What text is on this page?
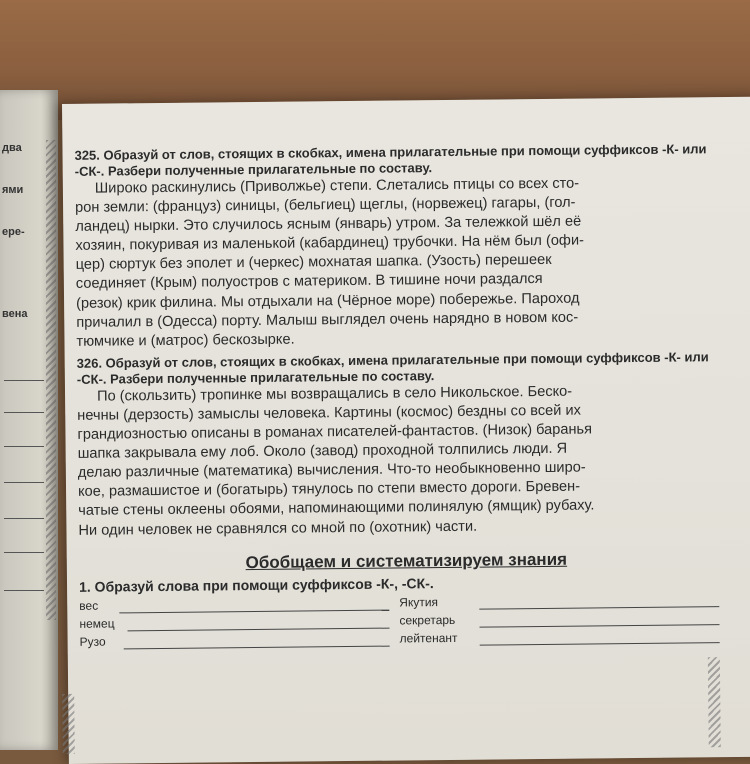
два
ями
ере-
вена

325. Образуй от слов, стоящих в скобках, имена прилагательные при помощи суффиксов -К- или -СК-. Разбери полученные прилагательные по составу.

Широко раскинулись (Приволжье) степи. Слетались птицы со всех сто-
рон земли: (француз) синицы, (бельгиец) щеглы, (норвежец) гагары, (гол-
ландец) нырки. Это случилось ясным (январь) утром. За тележкой шёл её
хозяин, покуривая из маленькой (кабардинец) трубочки. На нём был (офи-
цер) сюртук без эполет и (черкес) мохнатая шапка. (Узость) перешеек
соединяет (Крым) полуостров с материком. В тишине ночи раздался
(резок) крик филина. Мы отдыхали на (Чёрное море) побережье. Пароход
причалил в (Одесса) порту. Малыш выглядел очень нарядно в новом кос-
тюмчике и (матрос) бескозырке.

326. Образуй от слов, стоящих в скобках, имена прилагательные при помощи суффиксов -К- или -СК-. Разбери полученные прилагательные по составу.

По (скользить) тропинке мы возвращались в село Никольское. Беско-
нечны (дерзость) замыслы человека. Картины (космос) бездны со всей их
грандиозностью описаны в романах писателей-фантастов. (Низок) баранья
шапка закрывала ему лоб. Около (завод) проходной толпились люди. Я
делаю различные (математика) вычисления. Что-то необыкновенно широ-
кое, размашистое и (богатырь) тянулось по степи вместо дороги. Бревен-
чатые стены оклеены обоями, напоминающими полинялую (ямщик) рубаху.
Ни один человек не сравнялся со мной по (охотник) части.
Обобщаем и систематизируем знания
1. Образуй слова при помощи суффиксов -К-, -СК-.
вес	Якутия
немец	секретарь
Рузо	лейтенант
